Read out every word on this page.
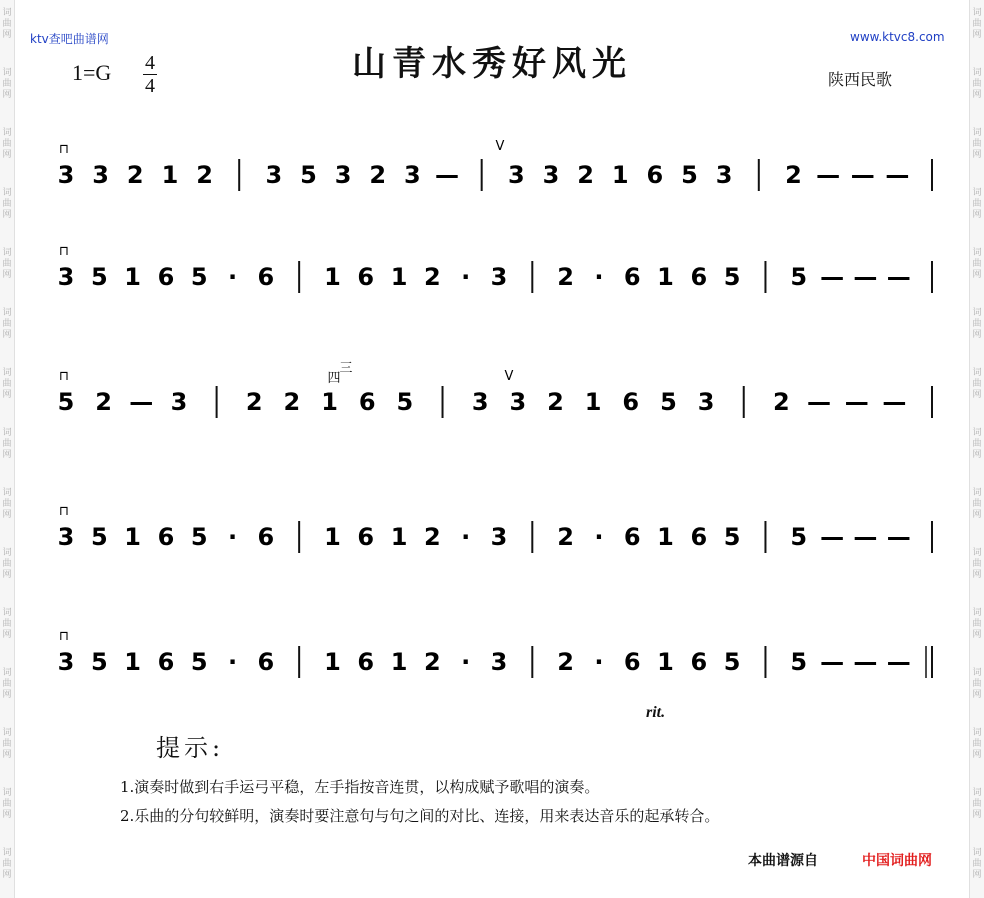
词
曲
网
词
曲
网
词
曲
网
词
曲
网
词
曲
网
词
曲
网
词
曲
网
词
曲
网
词
曲
网
词
曲
网
词
曲
网
词
曲
网
词
曲
网
词
曲
网
词
曲
网
词
曲
网
词
曲
网
词
曲
网
词
曲
网
词
曲
网
词
曲
网
词
曲
网
词
曲
网
词
曲
网
词
曲
网
词
曲
网
词
曲
网
词
曲
网
词
曲
网
词
曲
网
ktv查吧曲谱网	www.ktvc8.com
山青水秀好风光
1=G 4
4	陕西民歌
3 3 2 1 2 3 5 3 2 3 — 3 3 2 1 6 5 3 2 — — —
⊓
3 5 1 6 5 · 6 1 6 1 2 · 3 2 · 6 1 6 5 5 — — —
⊓
5 2 — 3 2 2 1 6 5 3 3 2 1 6 5 3 2 — — —
⊓
3 5 1 6 5 · 6 1 6 1 2 · 3 2 · 6 1 6 5 5 — — —
⊓
3 5 1 6 5 · 6 1 6 1 2 · 3 2 · 6 1 6 5 5 — — —
⊓
V
V
四
三
rit.
提示:
1.演奏时做到右手运弓平稳，左手指按音连贯，以构成赋予歌唱的演奏。
2.乐曲的分句较鲜明，演奏时要注意句与句之间的对比、连接，用来表达音乐的起承转合。
本曲谱源自	中国词曲网
